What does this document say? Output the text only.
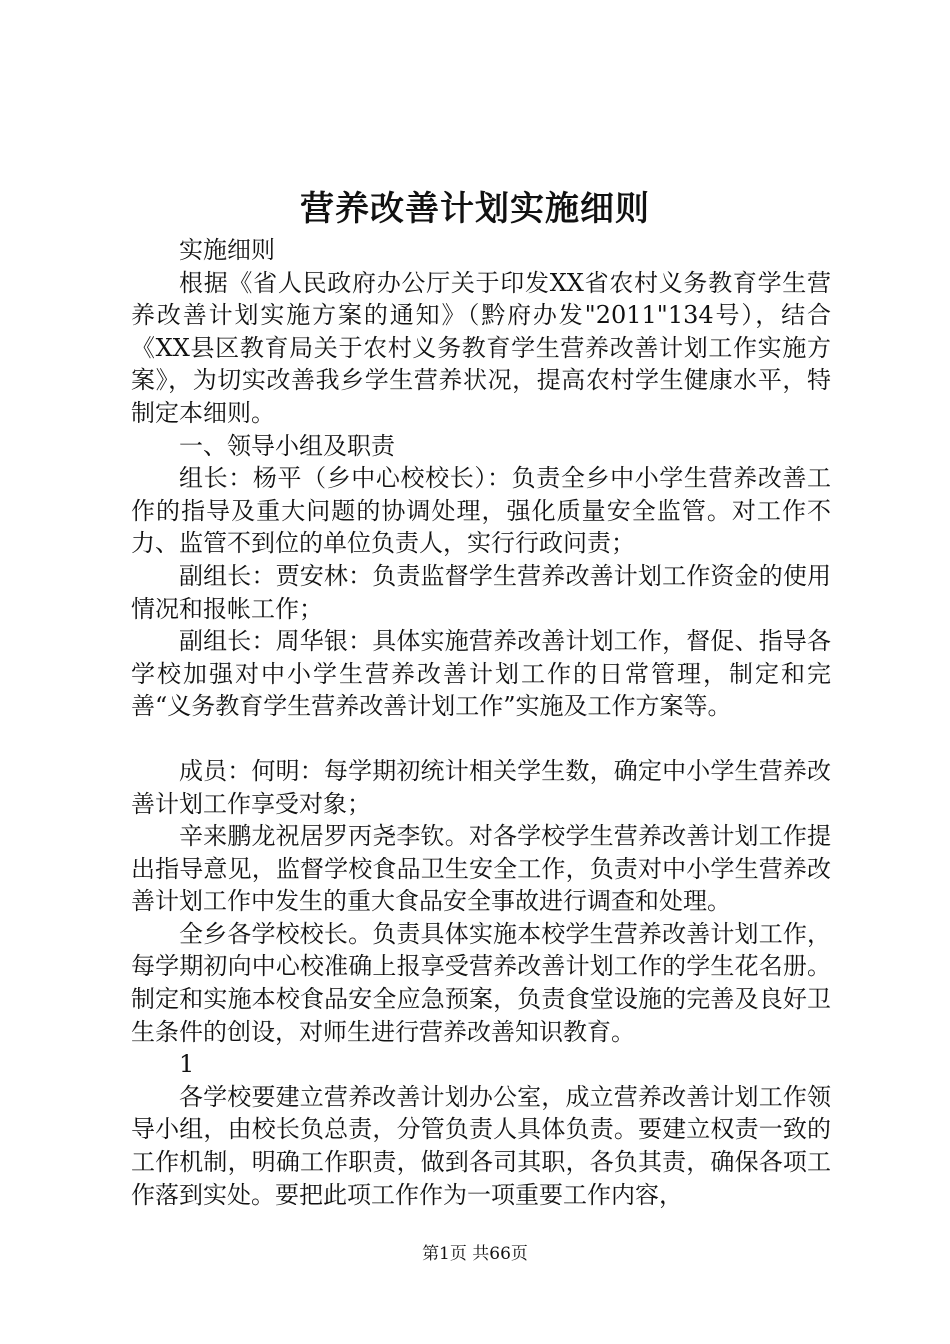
营养改善计划实施细则

实施细则

根据《省人民政府办公厅关于印发XX省农村义务教育学生营养改善计划实施方案的通知》（黔府办发"2011"134号），结合《XX县区教育局关于农村义务教育学生营养改善计划工作实施方案》，为切实改善我乡学生营养状况，提高农村学生健康水平，特制定本细则。

一、领导小组及职责

组长：杨平（乡中心校校长）：负责全乡中小学生营养改善工作的指导及重大问题的协调处理，强化质量安全监管。对工作不力、监管不到位的单位负责人，实行行政问责；

副组长：贾安林：负责监督学生营养改善计划工作资金的使用情况和报帐工作；

副组长：周华银：具体实施营养改善计划工作，督促、指导各学校加强对中小学生营养改善计划工作的日常管理，制定和完善“义务教育学生营养改善计划工作”实施及工作方案等。

成员：何明：每学期初统计相关学生数，确定中小学生营养改善计划工作享受对象；

辛来鹏龙祝居罗丙尧李钦。对各学校学生营养改善计划工作提出指导意见，监督学校食品卫生安全工作，负责对中小学生营养改善计划工作中发生的重大食品安全事故进行调查和处理。

全乡各学校校长。负责具体实施本校学生营养改善计划工作，每学期初向中心校准确上报享受营养改善计划工作的学生花名册。制定和实施本校食品安全应急预案，负责食堂设施的完善及良好卫生条件的创设，对师生进行营养改善知识教育。

1

各学校要建立营养改善计划办公室，成立营养改善计划工作领导小组，由校长负总责，分管负责人具体负责。要建立权责一致的工作机制，明确工作职责，做到各司其职，各负其责，确保各项工作落到实处。要把此项工作作为一项重要工作内容，

第1页 共66页
